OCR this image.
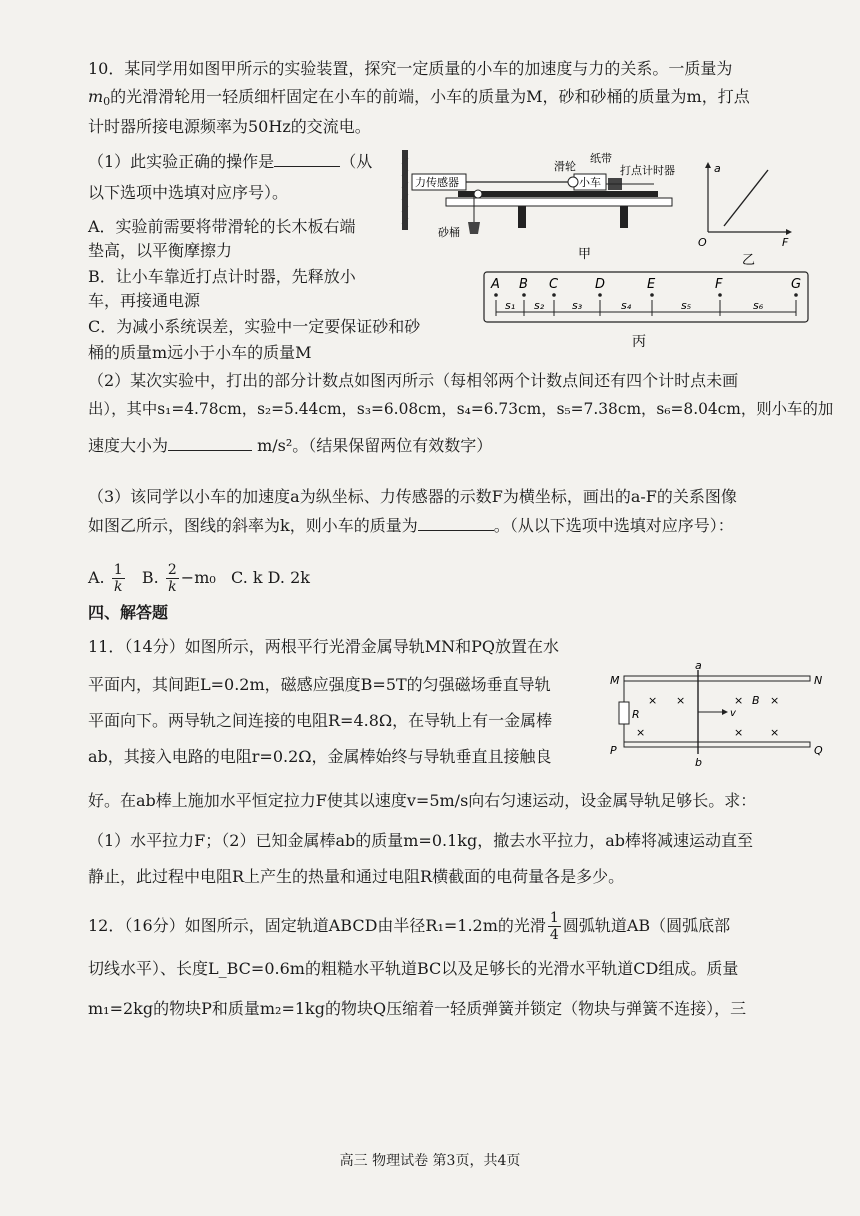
10．某同学用如图甲所示的实验装置，探究一定质量的小车的加速度与力的关系。一质量为
$m_0$的光滑滑轮用一轻质细杆固定在小车的前端，小车的质量为M，砂和砂桶的质量为m，打点
计时器所接电源频率为50Hz的交流电。
（1）此实验正确的操作是	（从
以下选项中选填对应序号）。
A．实验前需要将带滑轮的长木板右端
垫高，以平衡摩擦力
B．让小车靠近打点计时器，先释放小
车，再接通电源
C．为减小系统误差，实验中一定要保证砂和砂
桶的质量m远小于小车的质量M
（2）某次实验中，打出的部分计数点如图丙所示（每相邻两个计数点间还有四个计时点未画
出），其中s₁=4.78cm，s₂=5.44cm，s₃=6.08cm，s₄=6.73cm，s₅=7.38cm，s₆=8.04cm，则小车的加
速度大小为	m/s²。（结果保留两位有效数字）
（3）该同学以小车的加速度a为纵坐标、力传感器的示数F为横坐标，画出的a-F的关系图像
如图乙所示，图线的斜率为k，则小车的质量为	。（从以下选项中选填对应序号）：
A. $\frac{1}{k} B$. $\frac{2}{k} -m_0$ C. k D. 2k
力传感器	小车
滑轮
纸带
打点计时器
砂桶
甲
a
F
O
乙
A B C	D	E	F	G
s₁ s₂	s₃	s₄	s₅	s₆
丙
四、解答题
11．（14分）如图所示，两根平行光滑金属导轨MN和PQ放置在水
平面内，其间距L=0.2m，磁感应强度B=5T的匀强磁场垂直导轨
平面向下。两导轨之间连接的电阻R=4.8Ω，在导轨上有一金属棒
ab，其接入电路的电阻r=0.2Ω，金属棒始终与导轨垂直且接触良
好。在ab棒上施加水平恒定拉力F使其以速度v=5m/s向右匀速运动，设金属导轨足够长。求：
（1）水平拉力F；（2）已知金属棒ab的质量m=0.1kg，撤去水平拉力，ab棒将减速运动直至
静止，此过程中电阻R上产生的热量和通过电阻R横截面的电荷量各是多少。
M	N
P	Q
a
b
R
B
v
× ×	× ×
×	× ×
12．（16分）如图所示，固定轨道ABCD由半径R₁=1.2m的光滑 $\frac{1}{4}$ 圆弧轨道AB（圆弧底部
切线水平）、长度L_BC=0.6m的粗糙水平轨道BC以及足够长的光滑水平轨道CD组成。质量
m₁=2kg的物块P和质量m₂=1kg的物块Q压缩着一轻质弹簧并锁定（物块与弹簧不连接），三
高三 物理试卷 第3页，共4页
